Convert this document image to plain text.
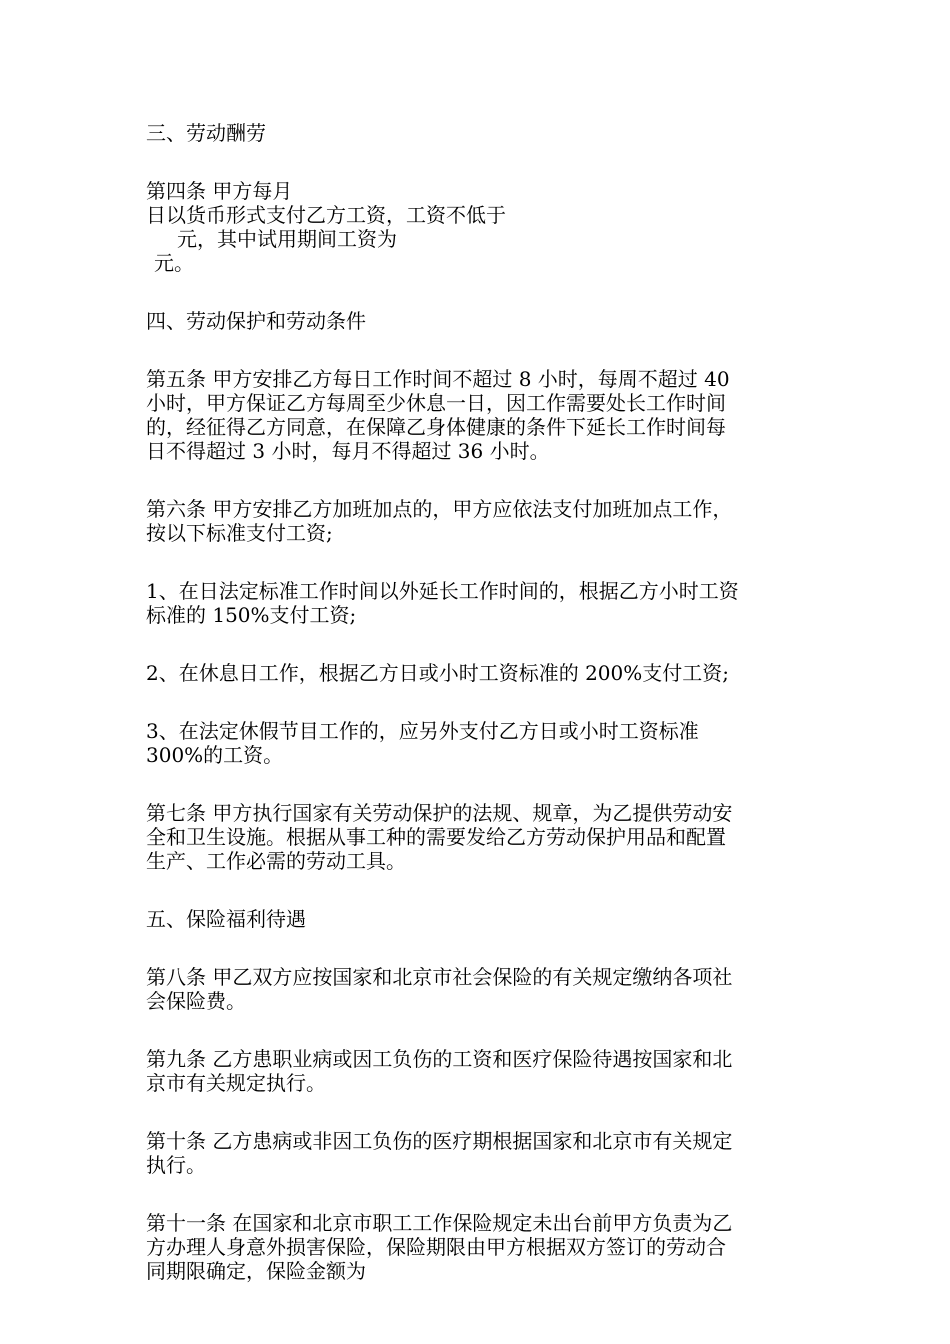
三、劳动酬劳

第四条 甲方每月

日以货币形式支付乙方工资，工资不低于

元，其中试用期间工资为

元。

四、劳动保护和劳动条件

第五条 甲方安排乙方每日工作时间不超过 8 小时，每周不超过 40

小时，甲方保证乙方每周至少休息一日，因工作需要处长工作时间

的，经征得乙方同意，在保障乙身体健康的条件下延长工作时间每

日不得超过 3 小时，每月不得超过 36 小时。

第六条 甲方安排乙方加班加点的，甲方应依法支付加班加点工作，

按以下标准支付工资;

1、在日法定标准工作时间以外延长工作时间的，根据乙方小时工资

标准的 150%支付工资;

2、在休息日工作，根据乙方日或小时工资标准的 200%支付工资;

3、在法定休假节目工作的，应另外支付乙方日或小时工资标准

300%的工资。

第七条 甲方执行国家有关劳动保护的法规、规章，为乙提供劳动安

全和卫生设施。根据从事工种的需要发给乙方劳动保护用品和配置

生产、工作必需的劳动工具。

五、保险福利待遇

第八条 甲乙双方应按国家和北京市社会保险的有关规定缴纳各项社

会保险费。

第九条 乙方患职业病或因工负伤的工资和医疗保险待遇按国家和北

京市有关规定执行。

第十条 乙方患病或非因工负伤的医疗期根据国家和北京市有关规定

执行。

第十一条 在国家和北京市职工工作保险规定未出台前甲方负责为乙

方办理人身意外损害保险，保险期限由甲方根据双方签订的劳动合

同期限确定，保险金额为
